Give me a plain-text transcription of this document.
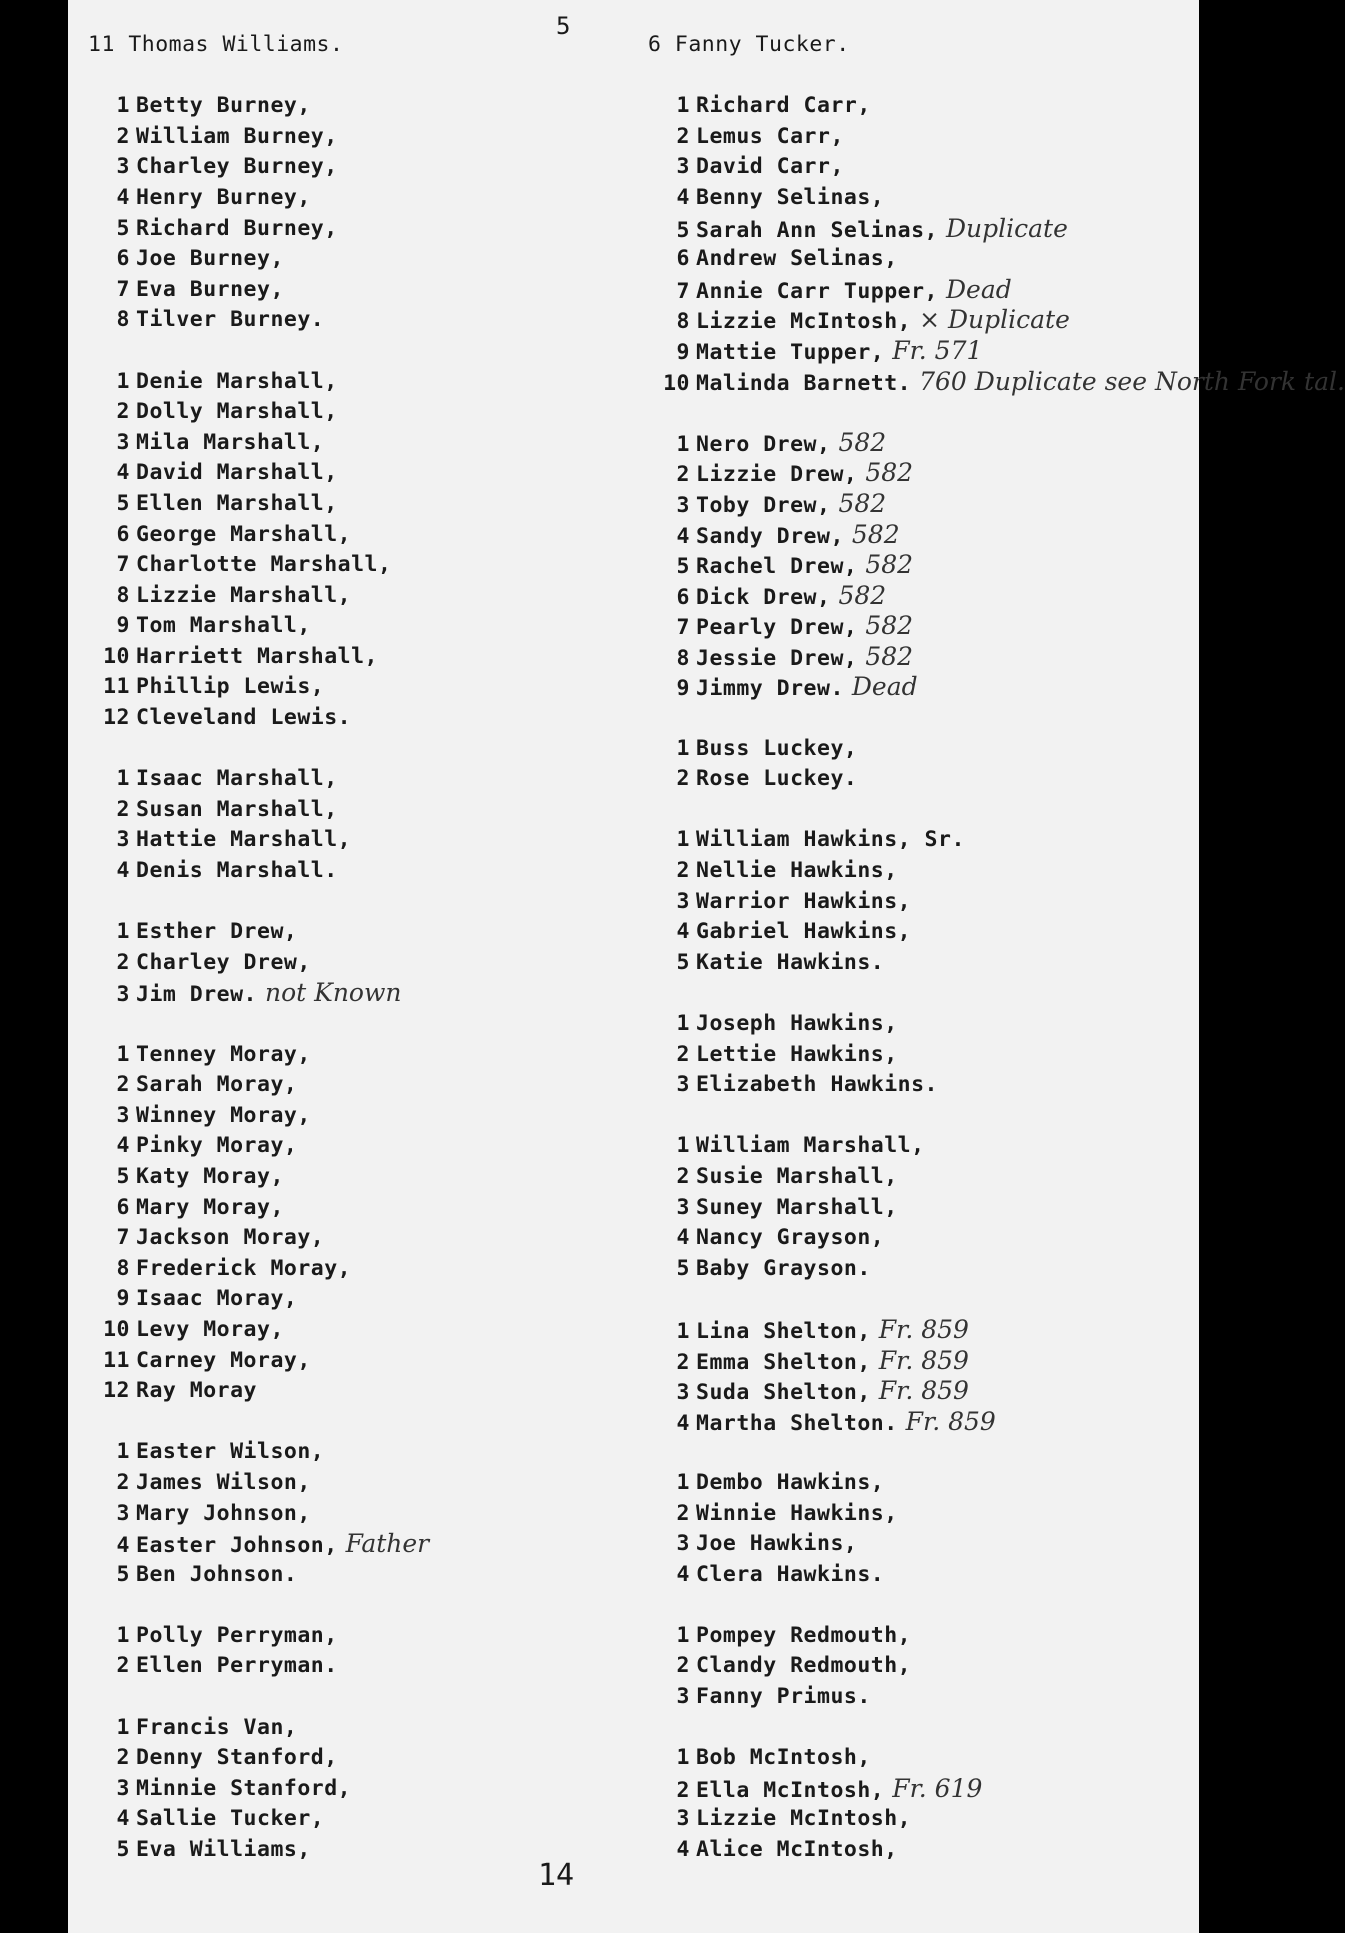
5
11 Thomas Williams.
1 Betty Burney,
2 William Burney,
3 Charley Burney,
4 Henry Burney,
5 Richard Burney,
6 Joe Burney,
7 Eva Burney,
8 Tilver Burney.
1 Denie Marshall,
2 Dolly Marshall,
3 Mila Marshall,
4 David Marshall,
5 Ellen Marshall,
6 George Marshall,
7 Charlotte Marshall,
8 Lizzie Marshall,
9 Tom Marshall,
10 Harriett Marshall,
11 Phillip Lewis,
12 Cleveland Lewis.
1 Isaac Marshall,
2 Susan Marshall,
3 Hattie Marshall,
4 Denis Marshall.
1 Esther Drew,
2 Charley Drew,
3 Jim Drew. not Known
1 Tenney Moray,
2 Sarah Moray,
3 Winney Moray,
4 Pinky Moray,
5 Katy Moray,
6 Mary Moray,
7 Jackson Moray,
8 Frederick Moray,
9 Isaac Moray,
10 Levy Moray,
11 Carney Moray,
12 Ray Moray
1 Easter Wilson,
2 James Wilson,
3 Mary Johnson,
4 Easter Johnson, Father
5 Ben Johnson.
1 Polly Perryman,
2 Ellen Perryman.
1 Francis Van,
2 Denny Stanford,
3 Minnie Stanford,
4 Sallie Tucker,
5 Eva Williams,
6 Fanny Tucker.
1 Richard Carr,
2 Lemus Carr,
3 David Carr,
4 Benny Selinas,
5 Sarah Ann Selinas, Duplicate
6 Andrew Selinas,
7 Annie Carr Tupper, Dead
8 Lizzie McIntosh, × Duplicate
9 Mattie Tupper, Fr. 571
10 Malinda Barnett. 760 Duplicate see North Fork tal.
1 Nero Drew, 582
2 Lizzie Drew, 582
3 Toby Drew, 582
4 Sandy Drew, 582
5 Rachel Drew, 582
6 Dick Drew, 582
7 Pearly Drew, 582
8 Jessie Drew, 582
9 Jimmy Drew. Dead
1 Buss Luckey,
2 Rose Luckey.
1 William Hawkins, Sr.
2 Nellie Hawkins,
3 Warrior Hawkins,
4 Gabriel Hawkins,
5 Katie Hawkins.
1 Joseph Hawkins,
2 Lettie Hawkins,
3 Elizabeth Hawkins.
1 William Marshall,
2 Susie Marshall,
3 Suney Marshall,
4 Nancy Grayson,
5 Baby Grayson.
1 Lina Shelton, Fr. 859
2 Emma Shelton, Fr. 859
3 Suda Shelton, Fr. 859
4 Martha Shelton. Fr. 859
1 Dembo Hawkins,
2 Winnie Hawkins,
3 Joe Hawkins,
4 Clera Hawkins.
1 Pompey Redmouth,
2 Clandy Redmouth,
3 Fanny Primus.
1 Bob McIntosh,
2 Ella McIntosh, Fr. 619
3 Lizzie McIntosh,
4 Alice McIntosh,
14
